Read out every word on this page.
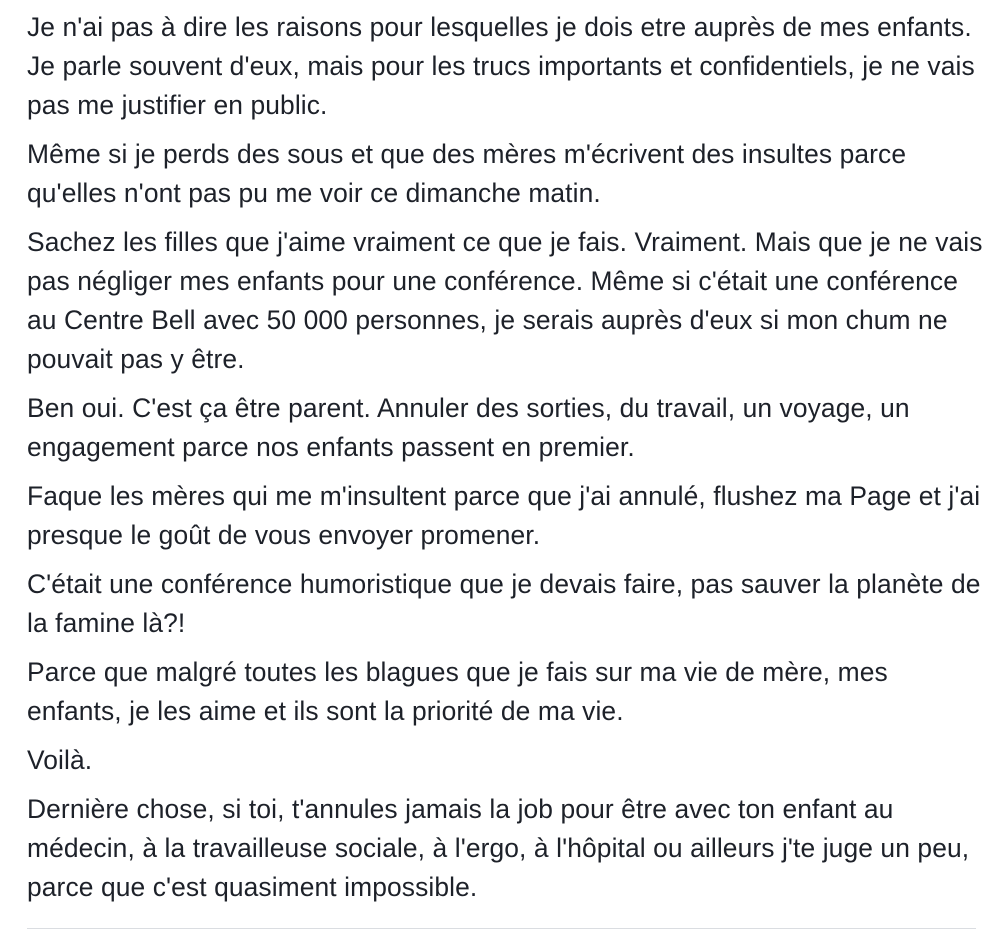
Je n'ai pas à dire les raisons pour lesquelles je dois etre auprès de mes enfants. Je parle souvent d'eux, mais pour les trucs importants et confidentiels, je ne vais pas me justifier en public.

Même si je perds des sous et que des mères m'écrivent des insultes parce qu'elles n'ont pas pu me voir ce dimanche matin.

Sachez les filles que j'aime vraiment ce que je fais. Vraiment. Mais que je ne vais pas négliger mes enfants pour une conférence. Même si c'était une conférence au Centre Bell avec 50 000 personnes, je serais auprès d'eux si mon chum ne pouvait pas y être.

Ben oui. C'est ça être parent. Annuler des sorties, du travail, un voyage, un engagement parce nos enfants passent en premier.

Faque les mères qui me m'insultent parce que j'ai annulé, flushez ma Page et j'ai presque le goût de vous envoyer promener.

C'était une conférence humoristique que je devais faire, pas sauver la planète de la famine là?!

Parce que malgré toutes les blagues que je fais sur ma vie de mère, mes enfants, je les aime et ils sont la priorité de ma vie.

Voilà.

Dernière chose, si toi, t'annules jamais la job pour être avec ton enfant au médecin, à la travailleuse sociale, à l'ergo, à l'hôpital ou ailleurs j'te juge un peu, parce que c'est quasiment impossible.
